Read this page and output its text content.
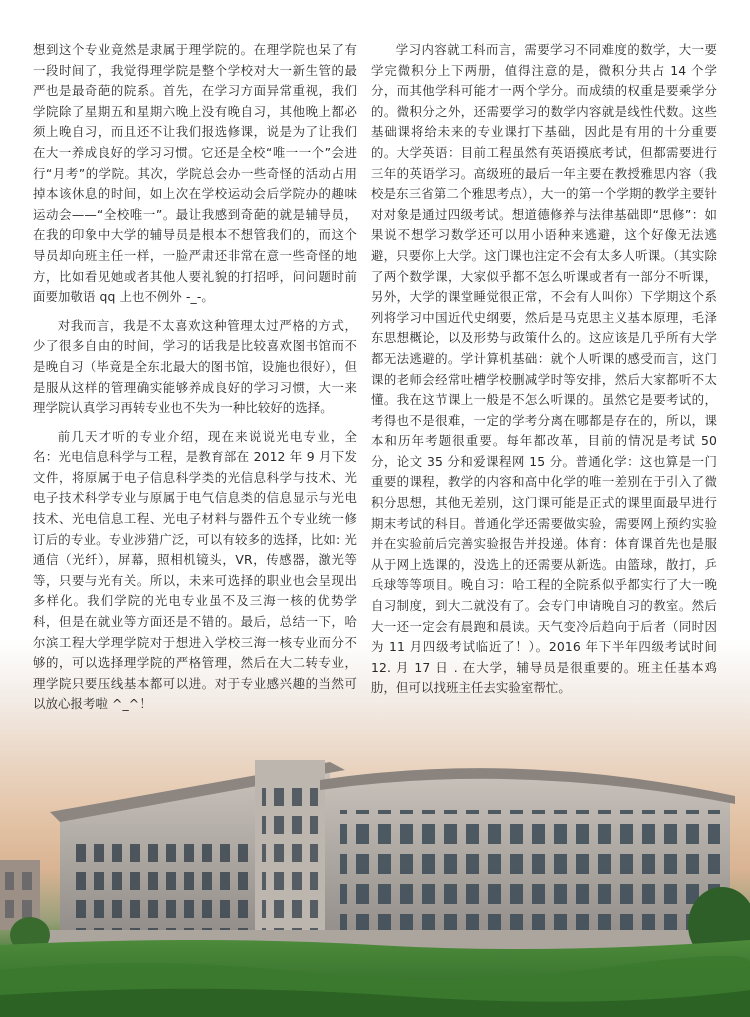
想到这个专业竟然是隶属于理学院的。在理学院也呆了有一段时间了，我觉得理学院是整个学校对大一新生管的最严也是最奇葩的院系。首先，在学习方面异常重视，我们学院除了星期五和星期六晚上没有晚自习，其他晚上都必须上晚自习，而且还不让我们报选修课，说是为了让我们在大一养成良好的学习习惯。它还是全校“唯一一个”会进行“月考”的学院。其次，学院总会办一些奇怪的活动占用掉本该休息的时间，如上次在学校运动会后学院办的趣味运动会——“全校唯一”。最让我感到奇葩的就是辅导员，在我的印象中大学的辅导员是根本不想管我们的，而这个导员却向班主任一样，一脸严肃还非常在意一些奇怪的地方，比如看见她或者其他人要礼貌的打招呼，问问题时前面要加敬语 qq 上也不例外 -_-。

对我而言，我是不太喜欢这种管理太过严格的方式，少了很多自由的时间，学习的话我是比较喜欢图书馆而不是晚自习（毕竟是全东北最大的图书馆，设施也很好），但是服从这样的管理确实能够养成良好的学习习惯，大一来理学院认真学习再转专业也不失为一种比较好的选择。

前几天才听的专业介绍，现在来说说光电专业，全名：光电信息科学与工程，是教育部在 2012 年 9 月下发文件，将原属于电子信息科学类的光信息科学与技术、光电子技术科学专业与原属于电气信息类的信息显示与光电技术、光电信息工程、光电子材料与器件五个专业统一修订后的专业。专业涉猎广泛，可以有较多的选择，比如: 光通信（光纤），屏幕，照相机镜头，VR，传感器，激光等等，只要与光有关。所以，未来可选择的职业也会呈现出多样化。我们学院的光电专业虽不及三海一核的优势学科，但是在就业等方面还是不错的。最后，总结一下，哈尔滨工程大学理学院对于想进入学校三海一核专业而分不够的，可以选择理学院的严格管理，然后在大二转专业，理学院只要压线基本都可以进。对于专业感兴趣的当然可以放心报考啦 ^_^！

学习内容就工科而言，需要学习不同难度的数学，大一要学完微积分上下两册，值得注意的是，微积分共占 14 个学分，而其他学科可能才一两个学分。而成绩的权重是要乘学分的。微积分之外，还需要学习的数学内容就是线性代数。这些基础课将给未来的专业课打下基础，因此是有用的十分重要的。大学英语：目前工程虽然有英语摸底考试，但都需要进行三年的英语学习。高级班的最后一年主要在教授雅思内容（我校是东三省第二个雅思考点），大一的第一个学期的教学主要针对对象是通过四级考试。想道德修养与法律基础即“思修”：如果说不想学习数学还可以用小语种来逃避，这个好像无法逃避，只要你上大学。这门课也注定不会有太多人听课。（其实除了两个数学课，大家似乎都不怎么听课或者有一部分不听课，另外，大学的课堂睡觉很正常，不会有人叫你）下学期这个系列将学习中国近代史纲要，然后是马克思主义基本原理，毛泽东思想概论，以及形势与政策什么的。这应该是几乎所有大学都无法逃避的。学计算机基础：就个人听课的感受而言，这门课的老师会经常吐槽学校删减学时等安排，然后大家都听不太懂。我在这节课上一般是不怎么听课的。虽然它是要考试的，考得也不是很难，一定的学考分离在哪都是存在的，所以，课本和历年考题很重要。每年都改革，目前的情况是考试 50 分，论文 35 分和爱课程网 15 分。普通化学：这也算是一门重要的课程，教学的内容和高中化学的唯一差别在于引入了微积分思想，其他无差别，这门课可能是正式的课里面最早进行期末考试的科目。普通化学还需要做实验，需要网上预约实验并在实验前后完善实验报告并投递。体育：体育课首先也是服从于网上选课的，没选上的还需要从新选。由篮球，散打，乒乓球等等项目。晚自习：哈工程的全院系似乎都实行了大一晚自习制度，到大二就没有了。会专门申请晚自习的教室。然后大一还一定会有晨跑和晨读。天气变冷后趋向于后者（同时因为 11 月四级考试临近了！）。2016 年下半年四级考试时间 12. 月 17 日 . 在大学，辅导员是很重要的。班主任基本鸡肋，但可以找班主任去实验室帮忙。
